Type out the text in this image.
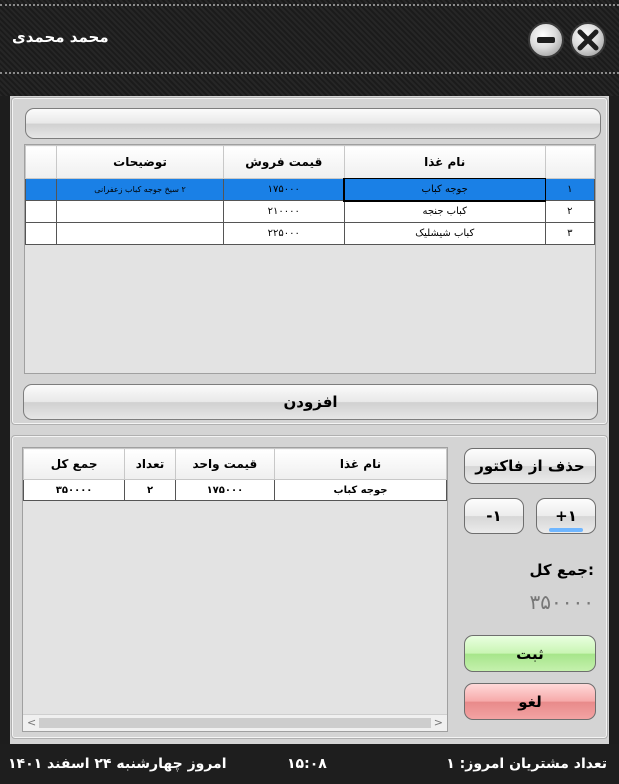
محمد محمدی
	نام غذا	قیمت فروش	توضیحات	
۱	جوجه کباب	۱۷۵۰۰۰	۲ سیخ جوجه کباب زعفرانی	
۲	کباب جنجه	۲۱۰۰۰۰		
۳	کباب شیشلیک	۲۲۵۰۰۰		
افزودن
نام غذا	قیمت واحد	تعداد	جمع کل
جوجه کباب	۱۷۵۰۰۰	۲	۳۵۰۰۰۰
<	>
حذف از فاکتور
+۱
-۱
جمع کل:
۳۵۰۰۰۰
ثبت
لغو
تعداد مشتریان امروز: ۱
۱۵:۰۸
امروز چهارشنبه ۲۴ اسفند ۱۴۰۱
